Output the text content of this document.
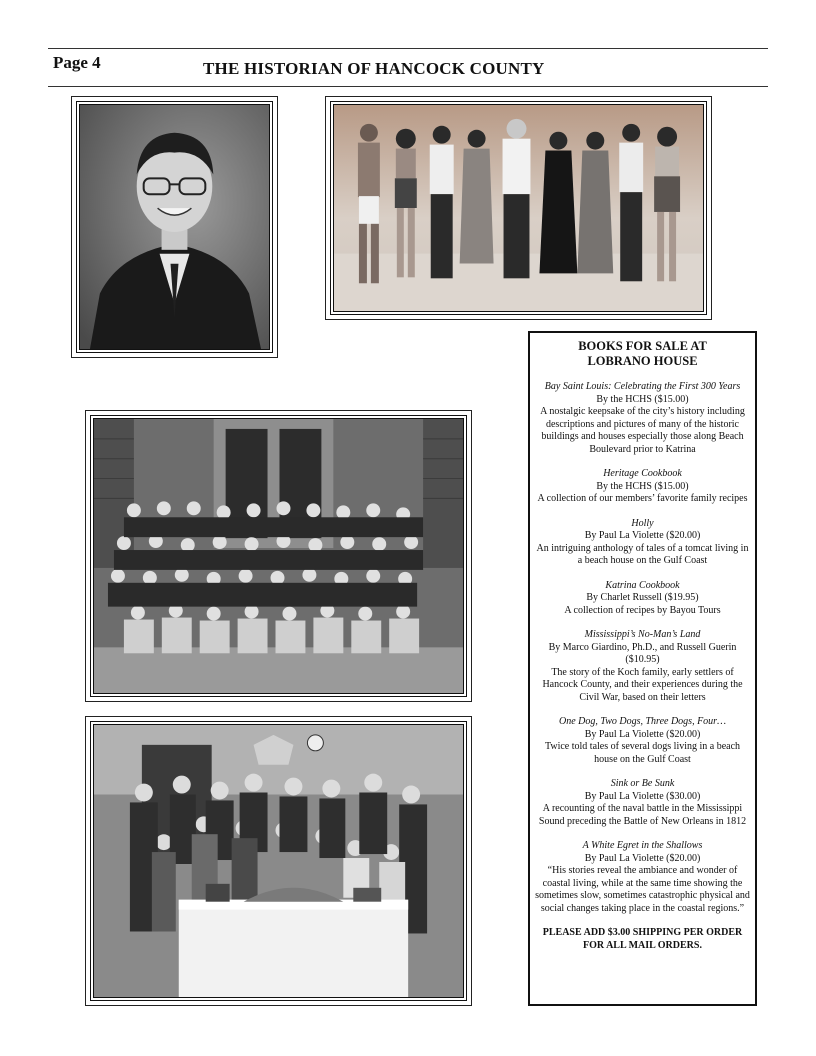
Page 4	THE HISTORIAN OF HANCOCK COUNTY
BOOKS FOR SALE AT
LOBRANO HOUSE
Bay Saint Louis: Celebrating the First 300 Years
By the HCHS ($15.00)
A nostalgic keepsake of the city’s history including descriptions and pictures of many of the historic buildings and houses especially those along Beach Boulevard prior to Katrina
Heritage Cookbook
By the HCHS ($15.00)
A collection of our members’ favorite family recipes
Holly
By Paul La Violette ($20.00)
An intriguing anthology of tales of a tomcat living in a beach house on the Gulf Coast
Katrina Cookbook
By Charlet Russell ($19.95)
A collection of recipes by Bayou Tours
Mississippi’s No-Man’s Land
By Marco Giardino, Ph.D., and Russell Guerin ($10.95)
The story of the Koch family, early settlers of Hancock County, and their experiences during the Civil War, based on their letters
One Dog, Two Dogs, Three Dogs, Four…
By Paul La Violette ($20.00)
Twice told tales of several dogs living in a beach house on the Gulf Coast
Sink or Be Sunk
By Paul La Violette ($30.00)
A recounting of the naval battle in the Mississippi Sound preceding the Battle of New Orleans in 1812
A White Egret in the Shallows
By Paul La Violette ($20.00)
“His stories reveal the ambiance and wonder of coastal living, while at the same time showing the sometimes slow, sometimes catastrophic physical and social changes taking place in the coastal regions.”
PLEASE ADD $3.00 SHIPPING PER ORDER FOR ALL MAIL ORDERS.
